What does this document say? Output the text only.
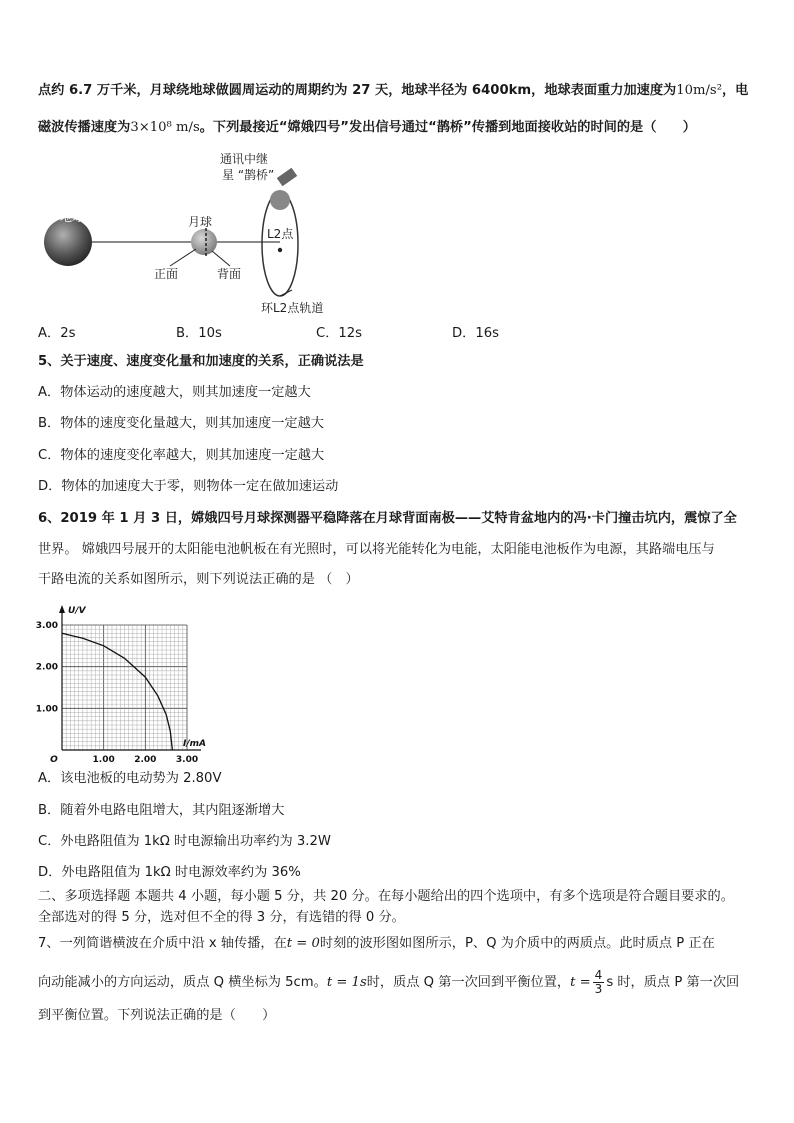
点约 6.7 万千米，月球绕地球做圆周运动的周期约为 27 天，地球半径为 6400km，地球表面重力加速度为10m/s²，电
磁波传播速度为3×10⁸ m/s。下列最接近“嫦娥四号”发出信号通过“鹊桥”传播到地面接收站的时间的是（　　）
地球	月球
L2点
通讯中继
星 “鹊桥”
正面	背面
环L2点轨道
A．2s	B．10s	C．12s	D．16s
5、关于速度、速度变化量和加速度的关系，正确说法是
A．物体运动的速度越大，则其加速度一定越大
B．物体的速度变化量越大，则其加速度一定越大
C．物体的速度变化率越大，则其加速度一定越大
D．物体的加速度大于零，则物体一定在做加速运动
6、2019 年 1 月 3 日，嫦娥四号月球探测器平稳降落在月球背面南极——艾特肯盆地内的冯·卡门撞击坑内，震惊了全
世界。 嫦娥四号展开的太阳能电池帆板在有光照时，可以将光能转化为电能，太阳能电池板作为电源，其路端电压与
干路电流的关系如图所示，则下列说法正确的是 （　）
1.00
2.00
3.00
1.00 2.00 3.00
O
U/V
I/mA
A．该电池板的电动势为 2.80V
B．随着外电路电阻增大，其内阻逐渐增大
C．外电路阻值为 1kΩ 时电源输出功率约为 3.2W
D．外电路阻值为 1kΩ 时电源效率约为 36%
二、多项选择题 本题共 4 小题，每小题 5 分，共 20 分。在每小题给出的四个选项中，有多个选项是符合题目要求的。
全部选对的得 5 分，选对但不全的得 3 分，有选错的得 0 分。
7、一列简谐横波在介质中沿 x 轴传播，在t = 0时刻的波形图如图所示，P、Q 为介质中的两质点。此时质点 P 正在
向动能减小的方向运动，质点 Q 横坐标为 5cm。t = 1s时，质点 Q 第一次回到平衡位置，$t = \frac{4}{3}$ s 时，质点 P 第一次回
到平衡位置。下列说法正确的是（　　）
